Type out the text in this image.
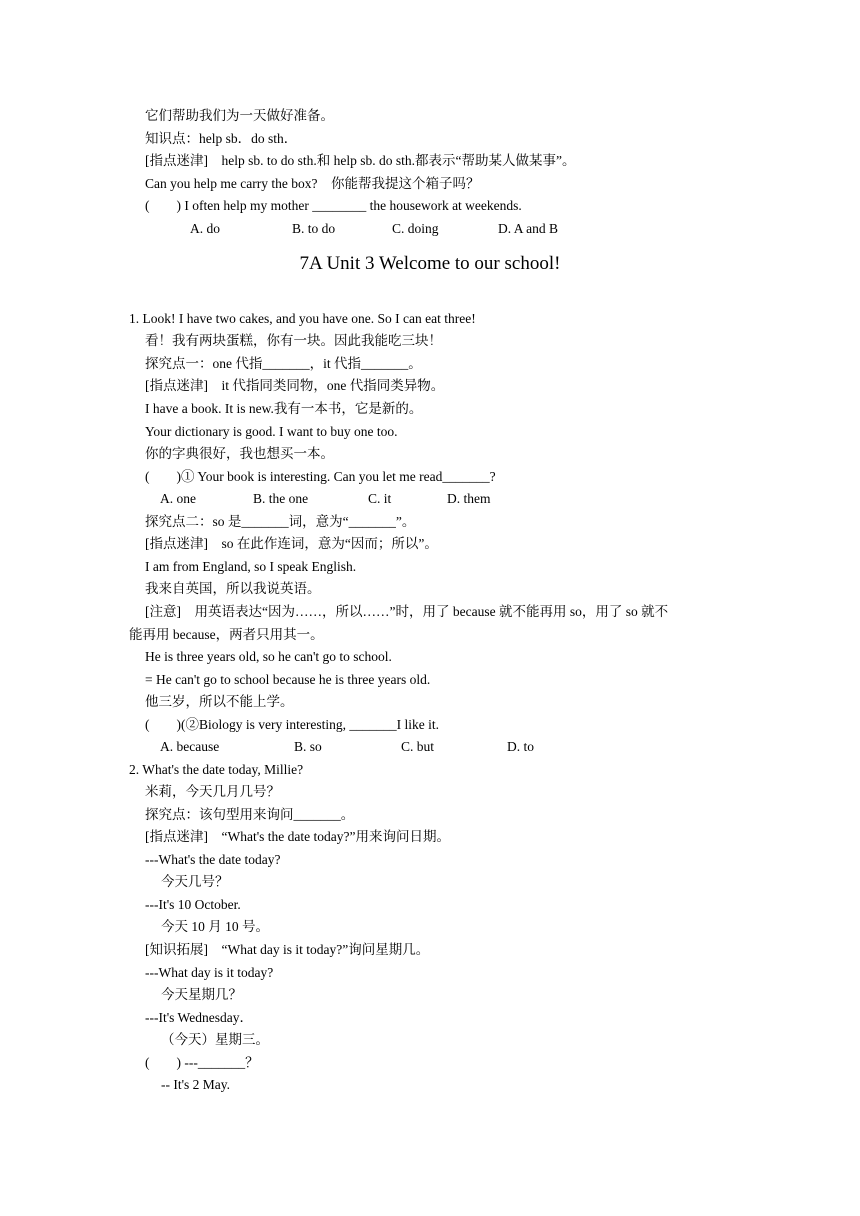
它们帮助我们为一天做好准备。
知识点：help sb．do sth．
[指点迷津]　help sb. to do sth.和 help sb. do sth.都表示“帮助某人做某事”。
Can you help me carry the box?　你能帮我提这个箱子吗？
(　　) I often help my mother ________ the housework at weekends.
A. do	B. to do	C. doing	D. A and B
7A Unit 3 Welcome to our school!
1. Look! I have two cakes, and you have one. So I can eat three!
看！我有两块蛋糕，你有一块。因此我能吃三块！
探究点一：one 代指_______，it 代指_______。
[指点迷津]　it 代指同类同物，one 代指同类异物。
I have a book. It is new.我有一本书，它是新的。
Your dictionary is good. I want to buy one too.
你的字典很好，我也想买一本。
(　　)① Your book is interesting. Can you let me read_______?
A. one	B. the one	C. it	D. them
探究点二：so 是_______词，意为“_______”。
[指点迷津]　so 在此作连词，意为“因而；所以”。
I am from England, so I speak English.
我来自英国，所以我说英语。
[注意]　用英语表达“因为……，所以……”时，用了 because 就不能再用 so，用了 so 就不
能再用 because，两者只用其一。
He is three years old, so he can't go to school.
= He can't go to school because he is three years old.
他三岁，所以不能上学。
(　　)(②Biology is very interesting, _______I like it.
A. because	B. so	C. but	D. to
2. What's the date today, Millie?
米莉，今天几月几号？
探究点：该句型用来询问_______。
[指点迷津]　“What's the date today?”用来询问日期。
---What's the date today?
今天几号？
---It's 10 October.
今天 10 月 10 号。
[知识拓展]　“What day is it today?”询问星期几。
---What day is it today?
今天星期几？
---It's Wednesday．
（今天）星期三。
(　　) ---_______？
-- It's 2 May.
